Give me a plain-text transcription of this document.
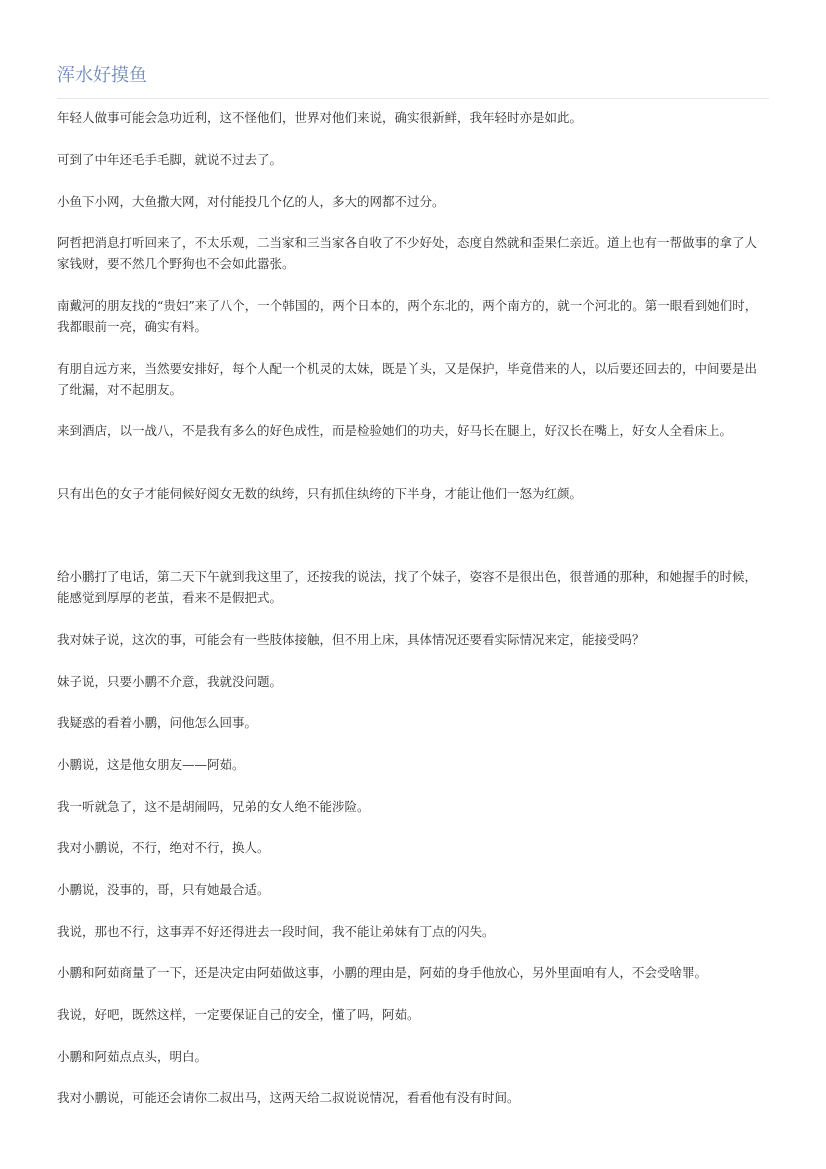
浑水好摸鱼
年轻人做事可能会急功近利，这不怪他们，世界对他们来说，确实很新鲜，我年轻时亦是如此。
可到了中年还毛手毛脚，就说不过去了。
小鱼下小网，大鱼撒大网，对付能投几个亿的人，多大的网都不过分。
阿哲把消息打听回来了，不太乐观，二当家和三当家各自收了不少好处，态度自然就和歪果仁亲近。道上也有一帮做事的拿了人家钱财，要不然几个野狗也不会如此嚣张。
南戴河的朋友找的“贵妇”来了八个，一个韩国的，两个日本的，两个东北的，两个南方的，就一个河北的。第一眼看到她们时，我都眼前一亮，确实有料。
有朋自远方来，当然要安排好，每个人配一个机灵的太妹，既是丫头，又是保护，毕竟借来的人，以后要还回去的，中间要是出了纰漏，对不起朋友。
来到酒店，以一战八，不是我有多么的好色成性，而是检验她们的功夫，好马长在腿上，好汉长在嘴上，好女人全看床上。
只有出色的女子才能伺候好阅女无数的纨绔，只有抓住纨绔的下半身，才能让他们一怒为红颜。
给小鹏打了电话，第二天下午就到我这里了，还按我的说法，找了个妹子，姿容不是很出色，很普通的那种，和她握手的时候，能感觉到厚厚的老茧，看来不是假把式。
我对妹子说，这次的事，可能会有一些肢体接触，但不用上床，具体情况还要看实际情况来定，能接受吗？
妹子说，只要小鹏不介意，我就没问题。
我疑惑的看着小鹏，问他怎么回事。
小鹏说，这是他女朋友——阿茹。
我一听就急了，这不是胡闹吗，兄弟的女人绝不能涉险。
我对小鹏说，不行，绝对不行，换人。
小鹏说，没事的，哥，只有她最合适。
我说，那也不行，这事弄不好还得进去一段时间，我不能让弟妹有丁点的闪失。
小鹏和阿茹商量了一下，还是决定由阿茹做这事，小鹏的理由是，阿茹的身手他放心，另外里面咱有人，不会受啥罪。
我说，好吧，既然这样，一定要保证自己的安全，懂了吗，阿茹。
小鹏和阿茹点点头，明白。
我对小鹏说，可能还会请你二叔出马，这两天给二叔说说情况，看看他有没有时间。
